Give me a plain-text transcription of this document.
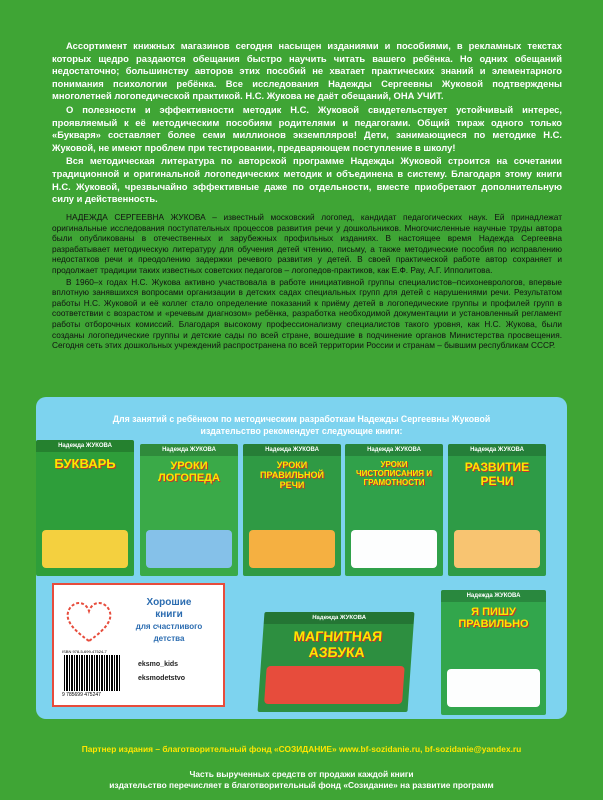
Ассортимент книжных магазинов сегодня насыщен изданиями и пособиями, в рекламных текстах которых щедро раздаются обещания быстро научить читать вашего ребёнка. Но одних обещаний недостаточно; большинству авторов этих пособий не хватает практических знаний и элементарного понимания психологии ребёнка. Все исследования Надежды Сергеевны Жуковой подтверждены многолетней логопедической практикой. Н.С. Жукова не даёт обещаний, ОНА УЧИТ.

О полезности и эффективности методик Н.С. Жуковой свидетельствует устойчивый интерес, проявляемый к её методическим пособиям родителями и педагогами. Общий тираж одного только «Букваря» составляет более семи миллионов экземпляров! Дети, занимающиеся по методике Н.С. Жуковой, не имеют проблем при тестировании, предваряющем поступление в школу!

Вся методическая литература по авторской программе Надежды Жуковой строится на сочетании традиционной и оригинальной логопедических методик и объединена в систему. Благодаря этому книги Н.С. Жуковой, чрезвычайно эффективные даже по отдельности, вместе приобретают дополнительную силу и действенность.

НАДЕЖДА СЕРГЕЕВНА ЖУКОВА – известный московский логопед, кандидат педагогических наук. Ей принадлежат оригинальные исследования поступательных процессов развития речи у дошкольников. Многочисленные научные труды автора были опубликованы в отечественных и зарубежных профильных изданиях. В настоящее время Надежда Сергеевна разрабатывает методическую литературу для обучения детей чтению, письму, а также методические пособия по исправлению недостатков речи и преодолению задержки речевого развития у детей. В своей практической работе автор сохраняет и продолжает традиции таких известных советских педагогов – логопедов-практиков, как Е.Ф. Рау, А.Г. Ипполитова.

В 1960–х годах Н.С. Жукова активно участвовала в работе инициативной группы специалистов–психоневрологов, впервые вплотную занявшихся вопросами организации в детских садах специальных групп для детей с нарушениями речи. Результатом работы Н.С. Жуковой и её коллег стало определение показаний к приёму детей в логопедические группы и профилей групп в соответствии с возрастом и «речевым диагнозом» ребёнка, разработка необходимой документации и установленный регламент работы отборочных комиссий. Благодаря высокому профессионализму специалистов такого уровня, как Н.С. Жукова, были созданы логопедические группы и детские сады по всей стране, вошедшие в подчинение органов Министерства просвещения. Сегодня сеть этих дошкольных учреждений распространена по всей территории России и странам – бывшим республикам СССР.

Для занятий с ребёнком по методическим разработкам Надежды Сергеевны Жуковой
издательство рекомендует следующие книги:
Надежда ЖУКОВА
БУКВАРЬ
Надежда ЖУКОВА
УРОКИ ЛОГОПЕДА
Надежда ЖУКОВА
УРОКИ ПРАВИЛЬНОЙ РЕЧИ
Надежда ЖУКОВА
УРОКИ ЧИСТОПИСАНИЯ И ГРАМОТНОСТИ
Надежда ЖУКОВА
РАЗВИТИЕ РЕЧИ
Хорошие
книги
для счастливого
детства
eksmo_kids
eksmodetstvo
ISBN 978-5-699-47524-7
9 785699 475247
Надежда ЖУКОВА
МАГНИТНАЯ АЗБУКА
Надежда ЖУКОВА
Я ПИШУ ПРАВИЛЬНО
Партнер издания – благотворительный фонд «СОЗИДАНИЕ» www.bf-sozidanie.ru, bf-sozidanie@yandex.ru
Часть вырученных средств от продажи каждой книги
издательство перечисляет в благотворительный фонд «Созидание» на развитие программ
